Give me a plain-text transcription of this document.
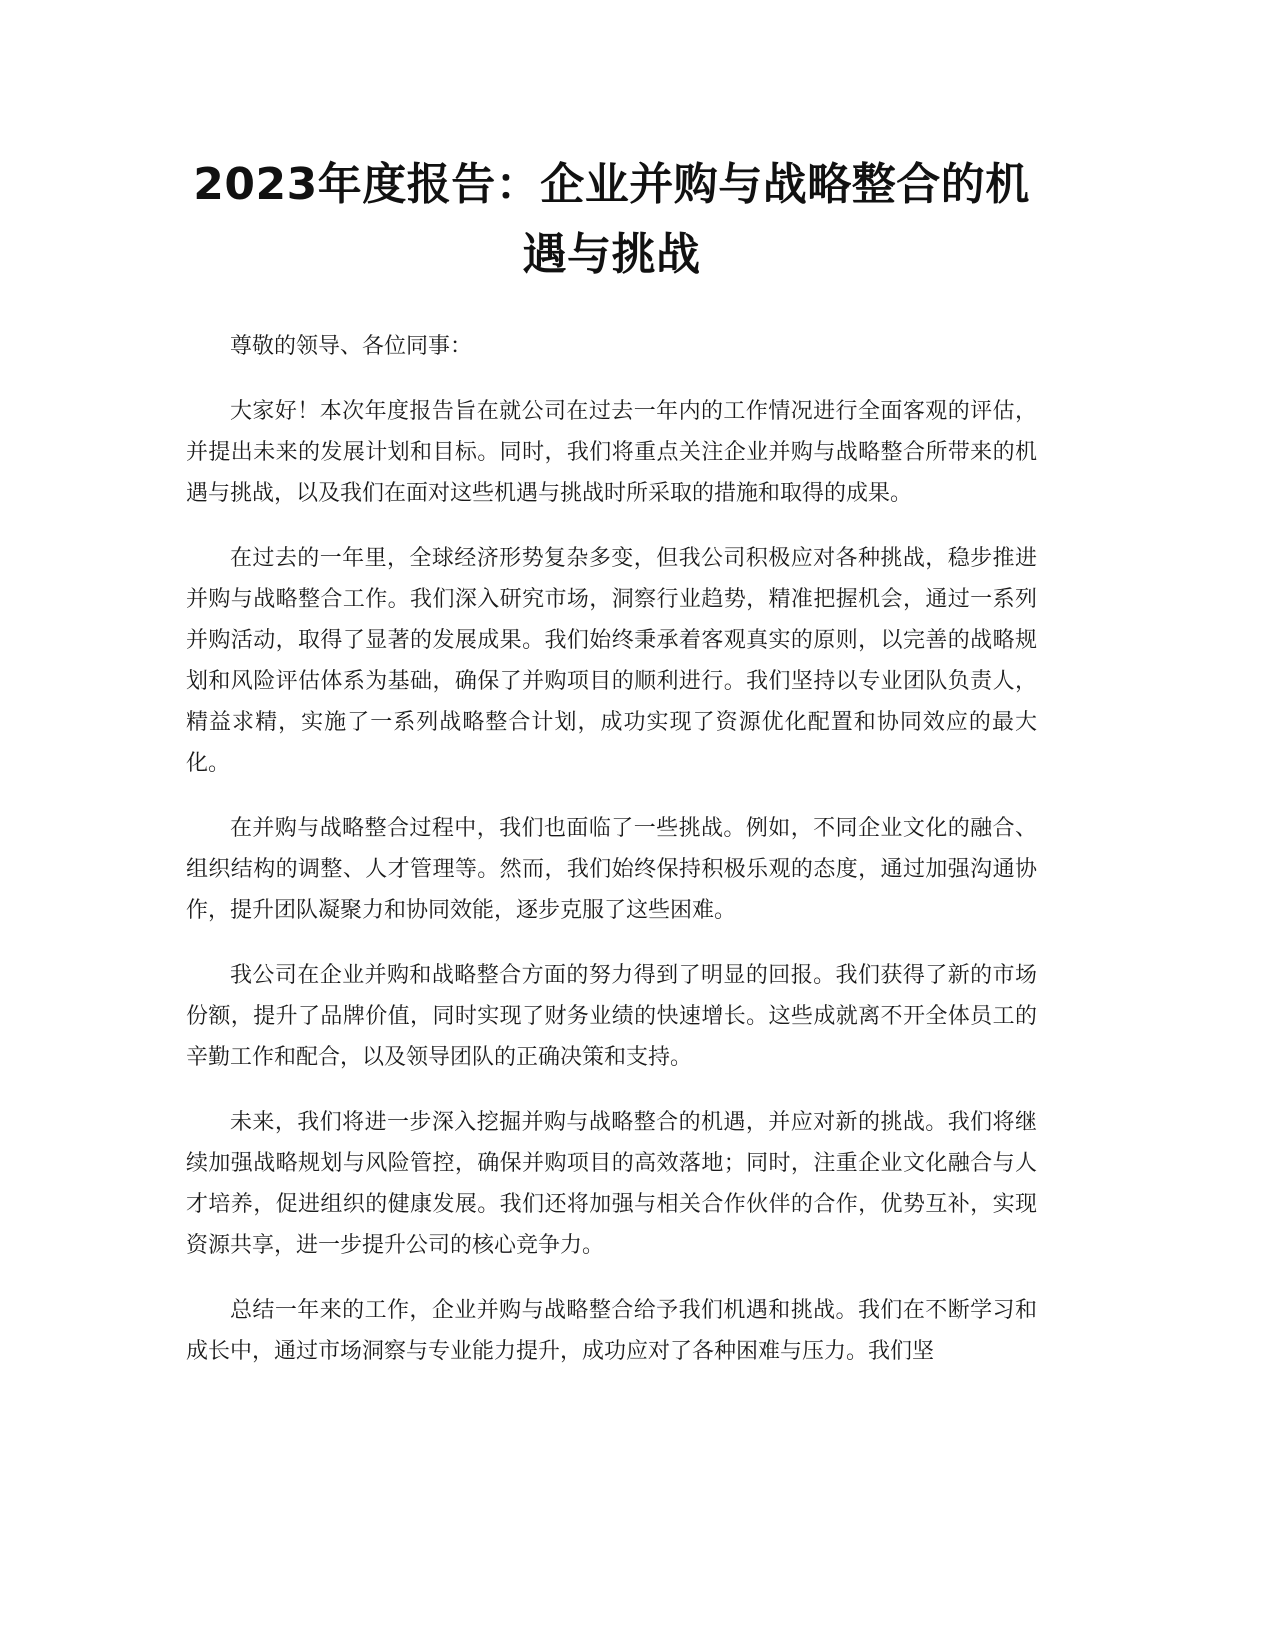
2023年度报告：企业并购与战略整合的机遇与挑战

尊敬的领导、各位同事：

大家好！本次年度报告旨在就公司在过去一年内的工作情况进行全面客观的评估，并提出未来的发展计划和目标。同时，我们将重点关注企业并购与战略整合所带来的机遇与挑战，以及我们在面对这些机遇与挑战时所采取的措施和取得的成果。

在过去的一年里，全球经济形势复杂多变，但我公司积极应对各种挑战，稳步推进并购与战略整合工作。我们深入研究市场，洞察行业趋势，精准把握机会，通过一系列并购活动，取得了显著的发展成果。我们始终秉承着客观真实的原则，以完善的战略规划和风险评估体系为基础，确保了并购项目的顺利进行。我们坚持以专业团队负责人，精益求精，实施了一系列战略整合计划，成功实现了资源优化配置和协同效应的最大化。

在并购与战略整合过程中，我们也面临了一些挑战。例如，不同企业文化的融合、组织结构的调整、人才管理等。然而，我们始终保持积极乐观的态度，通过加强沟通协作，提升团队凝聚力和协同效能，逐步克服了这些困难。

我公司在企业并购和战略整合方面的努力得到了明显的回报。我们获得了新的市场份额，提升了品牌价值，同时实现了财务业绩的快速增长。这些成就离不开全体员工的辛勤工作和配合，以及领导团队的正确决策和支持。

未来，我们将进一步深入挖掘并购与战略整合的机遇，并应对新的挑战。我们将继续加强战略规划与风险管控，确保并购项目的高效落地；同时，注重企业文化融合与人才培养，促进组织的健康发展。我们还将加强与相关合作伙伴的合作，优势互补，实现资源共享，进一步提升公司的核心竞争力。

总结一年来的工作，企业并购与战略整合给予我们机遇和挑战。我们在不断学习和成长中，通过市场洞察与专业能力提升，成功应对了各种困难与压力。我们坚
